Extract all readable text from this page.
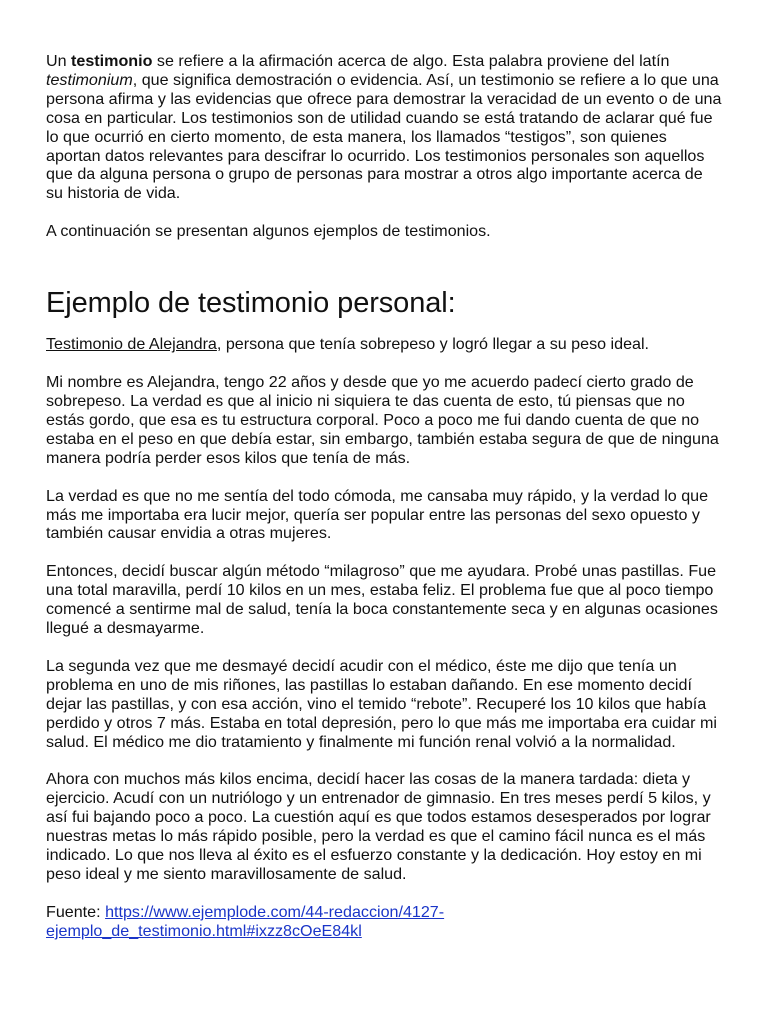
Un testimonio se refiere a la afirmación acerca de algo. Esta palabra proviene del latín testimonium, que significa demostración o evidencia. Así, un testimonio se refiere a lo que una persona afirma y las evidencias que ofrece para demostrar la veracidad de un evento o de una cosa en particular. Los testimonios son de utilidad cuando se está tratando de aclarar qué fue lo que ocurrió en cierto momento, de esta manera, los llamados “testigos”, son quienes aportan datos relevantes para descifrar lo ocurrido. Los testimonios personales son aquellos que da alguna persona o grupo de personas para mostrar a otros algo importante acerca de su historia de vida.

A continuación se presentan algunos ejemplos de testimonios.

Ejemplo de testimonio personal:

Testimonio de Alejandra, persona que tenía sobrepeso y logró llegar a su peso ideal.

Mi nombre es Alejandra, tengo 22 años y desde que yo me acuerdo padecí cierto grado de sobrepeso. La verdad es que al inicio ni siquiera te das cuenta de esto, tú piensas que no estás gordo, que esa es tu estructura corporal. Poco a poco me fui dando cuenta de que no estaba en el peso en que debía estar, sin embargo, también estaba segura de que de ninguna manera podría perder esos kilos que tenía de más.

La verdad es que no me sentía del todo cómoda, me cansaba muy rápido, y la verdad lo que más me importaba era lucir mejor, quería ser popular entre las personas del sexo opuesto y también causar envidia a otras mujeres.

Entonces, decidí buscar algún método “milagroso” que me ayudara. Probé unas pastillas. Fue una total maravilla, perdí 10 kilos en un mes, estaba feliz. El problema fue que al poco tiempo comencé a sentirme mal de salud, tenía la boca constantemente seca y en algunas ocasiones llegué a desmayarme.

La segunda vez que me desmayé decidí acudir con el médico, éste me dijo que tenía un problema en uno de mis riñones, las pastillas lo estaban dañando. En ese momento decidí dejar las pastillas, y con esa acción, vino el temido “rebote”. Recuperé los 10 kilos que había perdido y otros 7 más. Estaba en total depresión, pero lo que más me importaba era cuidar mi salud. El médico me dio tratamiento y finalmente mi función renal volvió a la normalidad.

Ahora con muchos más kilos encima, decidí hacer las cosas de la manera tardada: dieta y ejercicio. Acudí con un nutriólogo y un entrenador de gimnasio. En tres meses perdí 5 kilos, y así fui bajando poco a poco. La cuestión aquí es que todos estamos desesperados por lograr nuestras metas lo más rápido posible, pero la verdad es que el camino fácil nunca es el más indicado. Lo que nos lleva al éxito es el esfuerzo constante y la dedicación. Hoy estoy en mi peso ideal y me siento maravillosamente de salud.

Fuente: https://www.ejemplode.com/44-redaccion/4127-
ejemplo_de_testimonio.html#ixzz8cOeE84kl
